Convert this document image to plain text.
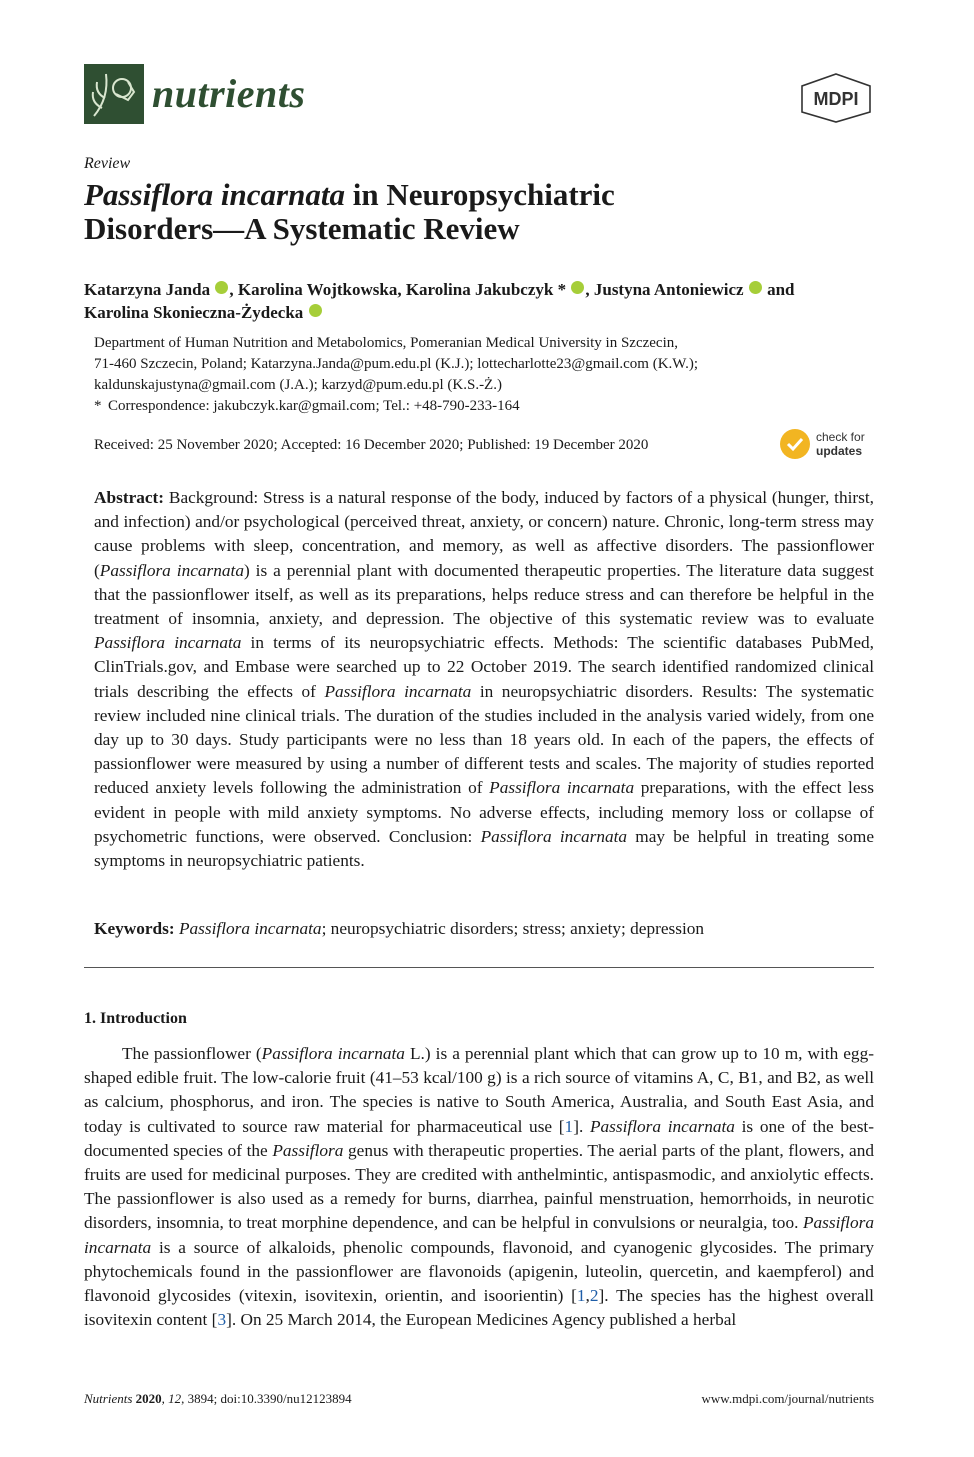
nutrients	MDPI
Review
Passiflora incarnata in Neuropsychiatric
Disorders—A Systematic Review
Katarzyna Janda , Karolina Wojtkowska, Karolina Jakubczyk * , Justyna Antoniewicz  and
Karolina Skonieczna-Żydecka

Department of Human Nutrition and Metabolomics, Pomeranian Medical University in Szczecin,

71-460 Szczecin, Poland; Katarzyna.Janda@pum.edu.pl (K.J.); lottecharlotte23@gmail.com (K.W.);

kaldunskajustyna@gmail.com (J.A.); karzyd@pum.edu.pl (K.S.-Ż.)

* Correspondence: jakubczyk.kar@gmail.com; Tel.: +48-790-233-164

Received: 25 November 2020; Accepted: 16 December 2020; Published: 19 December 2020	check for
updates

Abstract: Background: Stress is a natural response of the body, induced by factors of a physical (hunger, thirst, and infection) and/or psychological (perceived threat, anxiety, or concern) nature. Chronic, long-term stress may cause problems with sleep, concentration, and memory, as well as affective disorders. The passionflower (Passiflora incarnata) is a perennial plant with documented therapeutic properties. The literature data suggest that the passionflower itself, as well as its preparations, helps reduce stress and can therefore be helpful in the treatment of insomnia, anxiety, and depression. The objective of this systematic review was to evaluate Passiflora incarnata in terms of its neuropsychiatric effects. Methods: The scientific databases PubMed, ClinTrials.gov, and Embase were searched up to 22 October 2019. The search identified randomized clinical trials describing the effects of Passiflora incarnata in neuropsychiatric disorders. Results: The systematic review included nine clinical trials. The duration of the studies included in the analysis varied widely, from one day up to 30 days. Study participants were no less than 18 years old. In each of the papers, the effects of passionflower were measured by using a number of different tests and scales. The majority of studies reported reduced anxiety levels following the administration of Passiflora incarnata preparations, with the effect less evident in people with mild anxiety symptoms. No adverse effects, including memory loss or collapse of psychometric functions, were observed. Conclusion: Passiflora incarnata may be helpful in treating some symptoms in neuropsychiatric patients.

Keywords: Passiflora incarnata; neuropsychiatric disorders; stress; anxiety; depression

1. Introduction

The passionflower (Passiflora incarnata L.) is a perennial plant which that can grow up to 10 m, with egg-shaped edible fruit. The low-calorie fruit (41–53 kcal/100 g) is a rich source of vitamins A, C, B1, and B2, as well as calcium, phosphorus, and iron. The species is native to South America, Australia, and South East Asia, and today is cultivated to source raw material for pharmaceutical use [1]. Passiflora incarnata is one of the best-documented species of the Passiflora genus with therapeutic properties. The aerial parts of the plant, flowers, and fruits are used for medicinal purposes. They are credited with anthelmintic, antispasmodic, and anxiolytic effects. The passionflower is also used as a remedy for burns, diarrhea, painful menstruation, hemorrhoids, in neurotic disorders, insomnia, to treat morphine dependence, and can be helpful in convulsions or neuralgia, too. Passiflora incarnata is a source of alkaloids, phenolic compounds, flavonoid, and cyanogenic glycosides. The primary phytochemicals found in the passionflower are flavonoids (apigenin, luteolin, quercetin, and kaempferol) and flavonoid glycosides (vitexin, isovitexin, orientin, and isoorientin) [1,2]. The species has the highest overall isovitexin content [3]. On 25 March 2014, the European Medicines Agency published a herbal

Nutrients 2020, 12, 3894; doi:10.3390/nu12123894	www.mdpi.com/journal/nutrients
